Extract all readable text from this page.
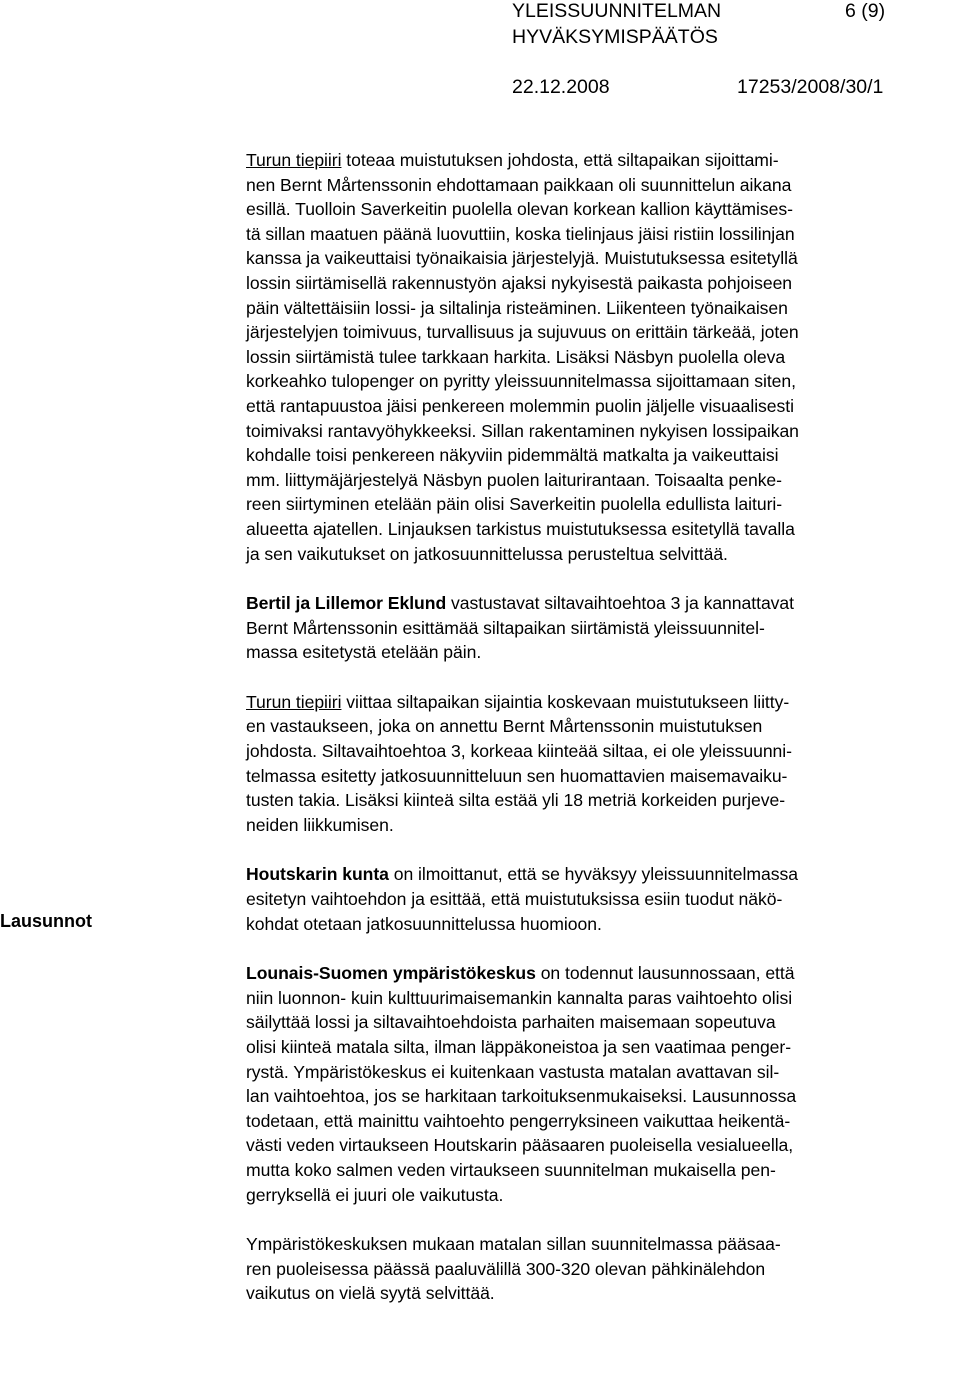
YLEISSUUNNITELMAN	6 (9)
HYVÄKSYMISPÄÄTÖS
22.12.2008	17253/2008/30/1
Lausunnot

Turun tiepiiri toteaa muistutuksen johdosta, että siltapaikan sijoittami-
nen Bernt Mårtenssonin ehdottamaan paikkaan oli suunnittelun aikana
esillä. Tuolloin Saverkeitin puolella olevan korkean kallion käyttämises-
tä sillan maatuen päänä luovuttiin, koska tielinjaus jäisi ristiin lossilinjan
kanssa ja vaikeuttaisi työnaikaisia järjestelyjä. Muistutuksessa esitetyllä
lossin siirtämisellä rakennustyön ajaksi nykyisestä paikasta pohjoiseen
päin vältettäisiin lossi- ja siltalinja risteäminen. Liikenteen työnaikaisen
järjestelyjen toimivuus, turvallisuus ja sujuvuus on erittäin tärkeää, joten
lossin siirtämistä tulee tarkkaan harkita. Lisäksi Näsbyn puolella oleva
korkeahko tulopenger on pyritty yleissuunnitelmassa sijoittamaan siten,
että rantapuustoa jäisi penkereen molemmin puolin jäljelle visuaalisesti
toimivaksi rantavyöhykkeeksi. Sillan rakentaminen nykyisen lossipaikan
kohdalle toisi penkereen näkyviin pidemmältä matkalta ja vaikeuttaisi
mm. liittymäjärjestelyä Näsbyn puolen laiturirantaan. Toisaalta penke-
reen siirtyminen etelään päin olisi Saverkeitin puolella edullista laituri-
alueetta ajatellen. Linjauksen tarkistus muistutuksessa esitetyllä tavalla
ja sen vaikutukset on jatkosuunnittelussa perusteltua selvittää.

Bertil ja Lillemor Eklund vastustavat siltavaihtoehtoa 3 ja kannattavat
Bernt Mårtenssonin esittämää siltapaikan siirtämistä yleissuunnitel-
massa esitetystä etelään päin.

Turun tiepiiri viittaa siltapaikan sijaintia koskevaan muistutukseen liitty-
en vastaukseen, joka on annettu Bernt Mårtenssonin muistutuksen
johdosta. Siltavaihtoehtoa 3, korkeaa kiinteää siltaa, ei ole yleissuunni-
telmassa esitetty jatkosuunnitteluun sen huomattavien maisemavaiku-
tusten takia. Lisäksi kiinteä silta estää yli 18 metriä korkeiden purjeve-
neiden liikkumisen.

Houtskarin kunta on ilmoittanut, että se hyväksyy yleissuunnitelmassa
esitetyn vaihtoehdon ja esittää, että muistutuksissa esiin tuodut näkö-
kohdat otetaan jatkosuunnittelussa huomioon.

Lounais-Suomen ympäristökeskus on todennut lausunnossaan, että
niin luonnon- kuin kulttuurimaisemankin kannalta paras vaihtoehto olisi
säilyttää lossi ja siltavaihtoehdoista parhaiten maisemaan sopeutuva
olisi kiinteä matala silta, ilman läppäkoneistoa ja sen vaatimaa penger-
rystä. Ympäristökeskus ei kuitenkaan vastusta matalan avattavan sil-
lan vaihtoehtoa, jos se harkitaan tarkoituksenmukaiseksi. Lausunnossa
todetaan, että mainittu vaihtoehto pengerryksineen vaikuttaa heikentä-
västi veden virtaukseen Houtskarin pääsaaren puoleisella vesialueella,
mutta koko salmen veden virtaukseen suunnitelman mukaisella pen-
gerryksellä ei juuri ole vaikutusta.

Ympäristökeskuksen mukaan matalan sillan suunnitelmassa pääsaa-
ren puoleisessa päässä paaluvälillä 300-320 olevan pähkinälehdon
vaikutus on vielä syytä selvittää.
